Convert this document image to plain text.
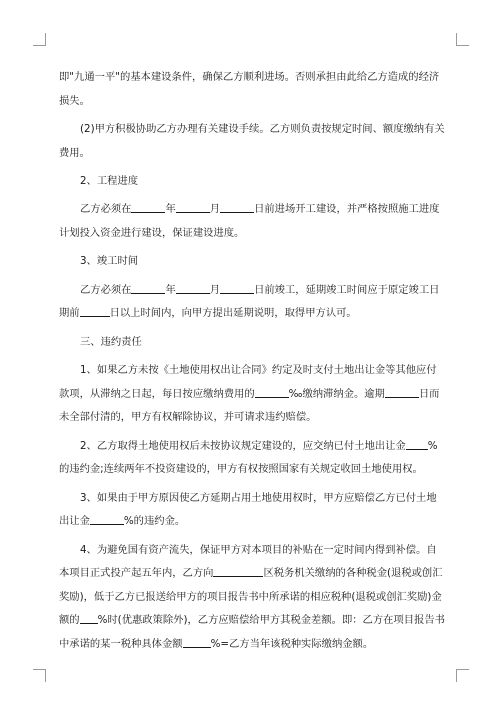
即"九通一平"的基本建设条件，确保乙方顺利进场。否则承担由此给乙方造成的经济损失。

(2)甲方积极协助乙方办理有关建设手续。乙方则负责按规定时间、额度缴纳有关费用。

2、工程进度

乙方必须在	年	月	日前进场开工建设，并严格按照施工进度计划投入资金进行建设，保证建设进度。

3、竣工时间

乙方必须在	年	月	日前竣工，延期竣工时间应于原定竣工日期前	日以上时间内，向甲方提出延期说明，取得甲方认可。

三、违约责任

1、如果乙方未按《土地使用权出让合同》约定及时支付土地出让金等其他应付款项，从滞纳之日起，每日按应缴纳费用的	‰缴纳滞纳金。逾期	日而未全部付清的，甲方有权解除协议，并可请求违约赔偿。

2、乙方取得土地使用权后未按协议规定建设的，应交纳已付土地出让金 %的违约金;连续两年不投资建设的，甲方有权按照国家有关规定收回土地使用权。

3、如果由于甲方原因使乙方延期占用土地使用权时，甲方应赔偿乙方已付土地出让金	%的违约金。

4、为避免国有资产流失，保证甲方对本项目的补贴在一定时间内得到补偿。自本项目正式投产起五年内，乙方向	区税务机关缴纳的各种税金(退税或创汇奖励)，低于乙方已报送给甲方的项目报告书中所承诺的相应税种(退税或创汇奖励)金额的 %时(优惠政策除外)，乙方应赔偿给甲方其税金差额。即：乙方在项目报告书中承诺的某一税种具体金额	%=乙方当年该税种实际缴纳金额。
